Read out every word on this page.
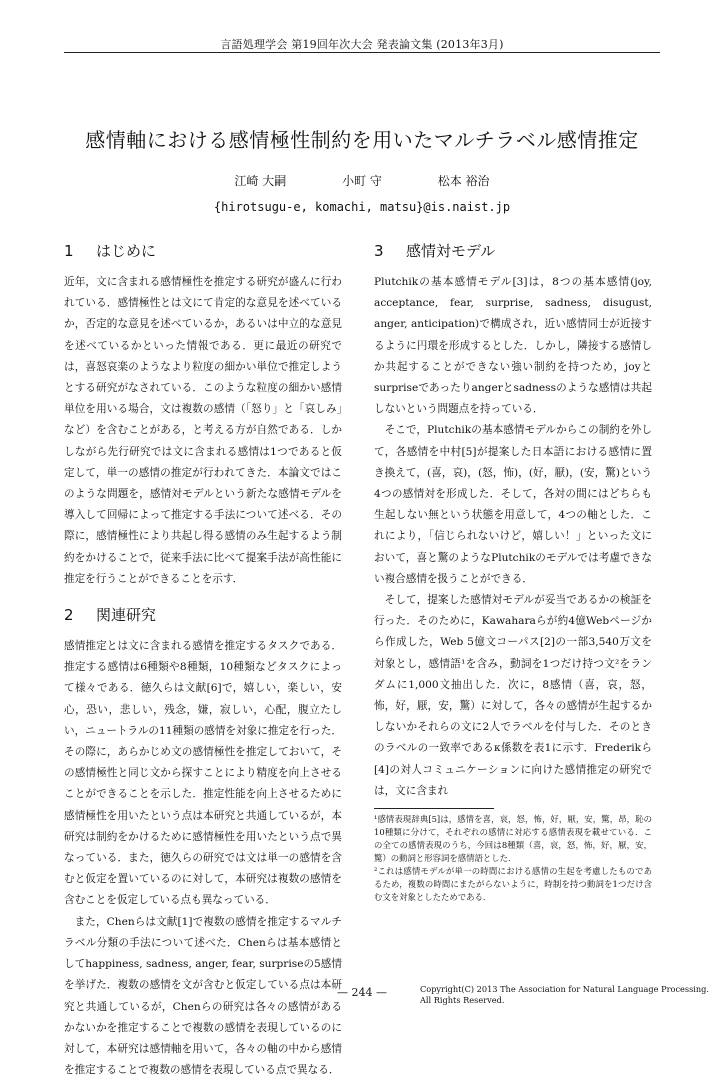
言語処理学会 第19回年次大会 発表論文集 (2013年3月)
感情軸における感情極性制約を用いたマルチラベル感情推定
江崎 大嗣	小町 守	松本 裕治
{hirotsugu-e, komachi, matsu}@is.naist.jp
1 はじめに

近年，文に含まれる感情極性を推定する研究が盛んに行われている．感情極性とは文にて肯定的な意見を述べているか，否定的な意見を述べているか，あるいは中立的な意見を述べているかといった情報である．更に最近の研究では，喜怒哀楽のようなより粒度の細かい単位で推定しようとする研究がなされている．このような粒度の細かい感情単位を用いる場合，文は複数の感情（「怒り」と「哀しみ」など）を含むことがある，と考える方が自然である．しかしながら先行研究では文に含まれる感情は1つであると仮定して，単一の感情の推定が行われてきた．本論文ではこのような問題を，感情対モデルという新たな感情モデルを導入して回帰によって推定する手法について述べる．その際に，感情極性により共起し得る感情のみ生起するよう制約をかけることで，従来手法に比べて提案手法が高性能に推定を行うことができることを示す．

2 関連研究

感情推定とは文に含まれる感情を推定するタスクである．推定する感情は6種類や8種類，10種類などタスクによって様々である．徳久らは文献[6]で，嬉しい，楽しい，安心，恐い，悲しい，残念，嫌，寂しい，心配，腹立たしい，ニュートラルの11種類の感情を対象に推定を行った．その際に，あらかじめ文の感情極性を推定しておいて，その感情極性と同じ文から探すことにより精度を向上させることができることを示した．推定性能を向上させるために感情極性を用いたという点は本研究と共通しているが，本研究は制約をかけるために感情極性を用いたという点で異なっている．また，徳久らの研究では文は単一の感情を含むと仮定を置いているのに対して，本研究は複数の感情を含むことを仮定している点も異なっている．

また，Chenらは文献[1]で複数の感情を推定するマルチラベル分類の手法について述べた．Chenらは基本感情としてhappiness, sadness, anger, fear, surpriseの5感情を挙げた．複数の感情を文が含むと仮定している点は本研究と共通しているが，Chenらの研究は各々の感情があるかないかを推定することで複数の感情を表現しているのに対して，本研究は感情軸を用いて，各々の軸の中から感情を推定することで複数の感情を表現している点で異なる．

3 感情対モデル

Plutchikの基本感情モデル[3]は，8つの基本感情(joy, acceptance, fear, surprise, sadness, disugust, anger, anticipation)で構成され，近い感情同士が近接するように円環を形成するとした．しかし，隣接する感情しか共起することができない強い制約を持つため，joyとsurpriseであったりangerとsadnessのような感情は共起しないという問題点を持っている．

そこで，Plutchikの基本感情モデルからこの制約を外して，各感情を中村[5]が提案した日本語における感情に置き換えて，(喜，哀)，(怒，怖)，(好，厭)，(安，驚)という4つの感情対を形成した．そして，各対の間にはどちらも生起しない無という状態を用意して，4つの軸とした．これにより，「信じられないけど，嬉しい！」といった文において，喜と驚のようなPlutchikのモデルでは考慮できない複合感情を扱うことができる．

そして，提案した感情対モデルが妥当であるかの検証を行った．そのために，Kawaharaらが約4億Webページから作成した，Web 5億文コーパス[2]の一部3,540万文を対象とし，感情語¹を含み，動詞を1つだけ持つ文²をランダムに1,000文抽出した．次に，8感情（喜，哀，怒，怖，好，厭，安，驚）に対して，各々の感情が生起するかしないかそれらの文に2人でラベルを付与した．そのときのラベルの一致率であるκ係数を表1に示す．Frederikら[4]の対人コミュニケーションに向けた感情推定の研究では，文に含まれ

¹感情表現辞典[5]は，感情を喜，哀，怒，怖，好，厭，安，驚，昂，恥の10種類に分けて，それぞれの感情に対応する感情表現を載せている．この全ての感情表現のうち，今回は8種類（喜，哀，怒，怖，好，厭，安，驚）の動詞と形容詞を感情語とした．

²これは感情モデルが単一の時間における感情の生起を考慮したものであるため，複数の時間にまたがらないように，時制を持つ動詞を1つだけ含む文を対象としたためである．

— 244 —	Copyright(C) 2013 The Association for Natural Language Processing.
All Rights Reserved.
